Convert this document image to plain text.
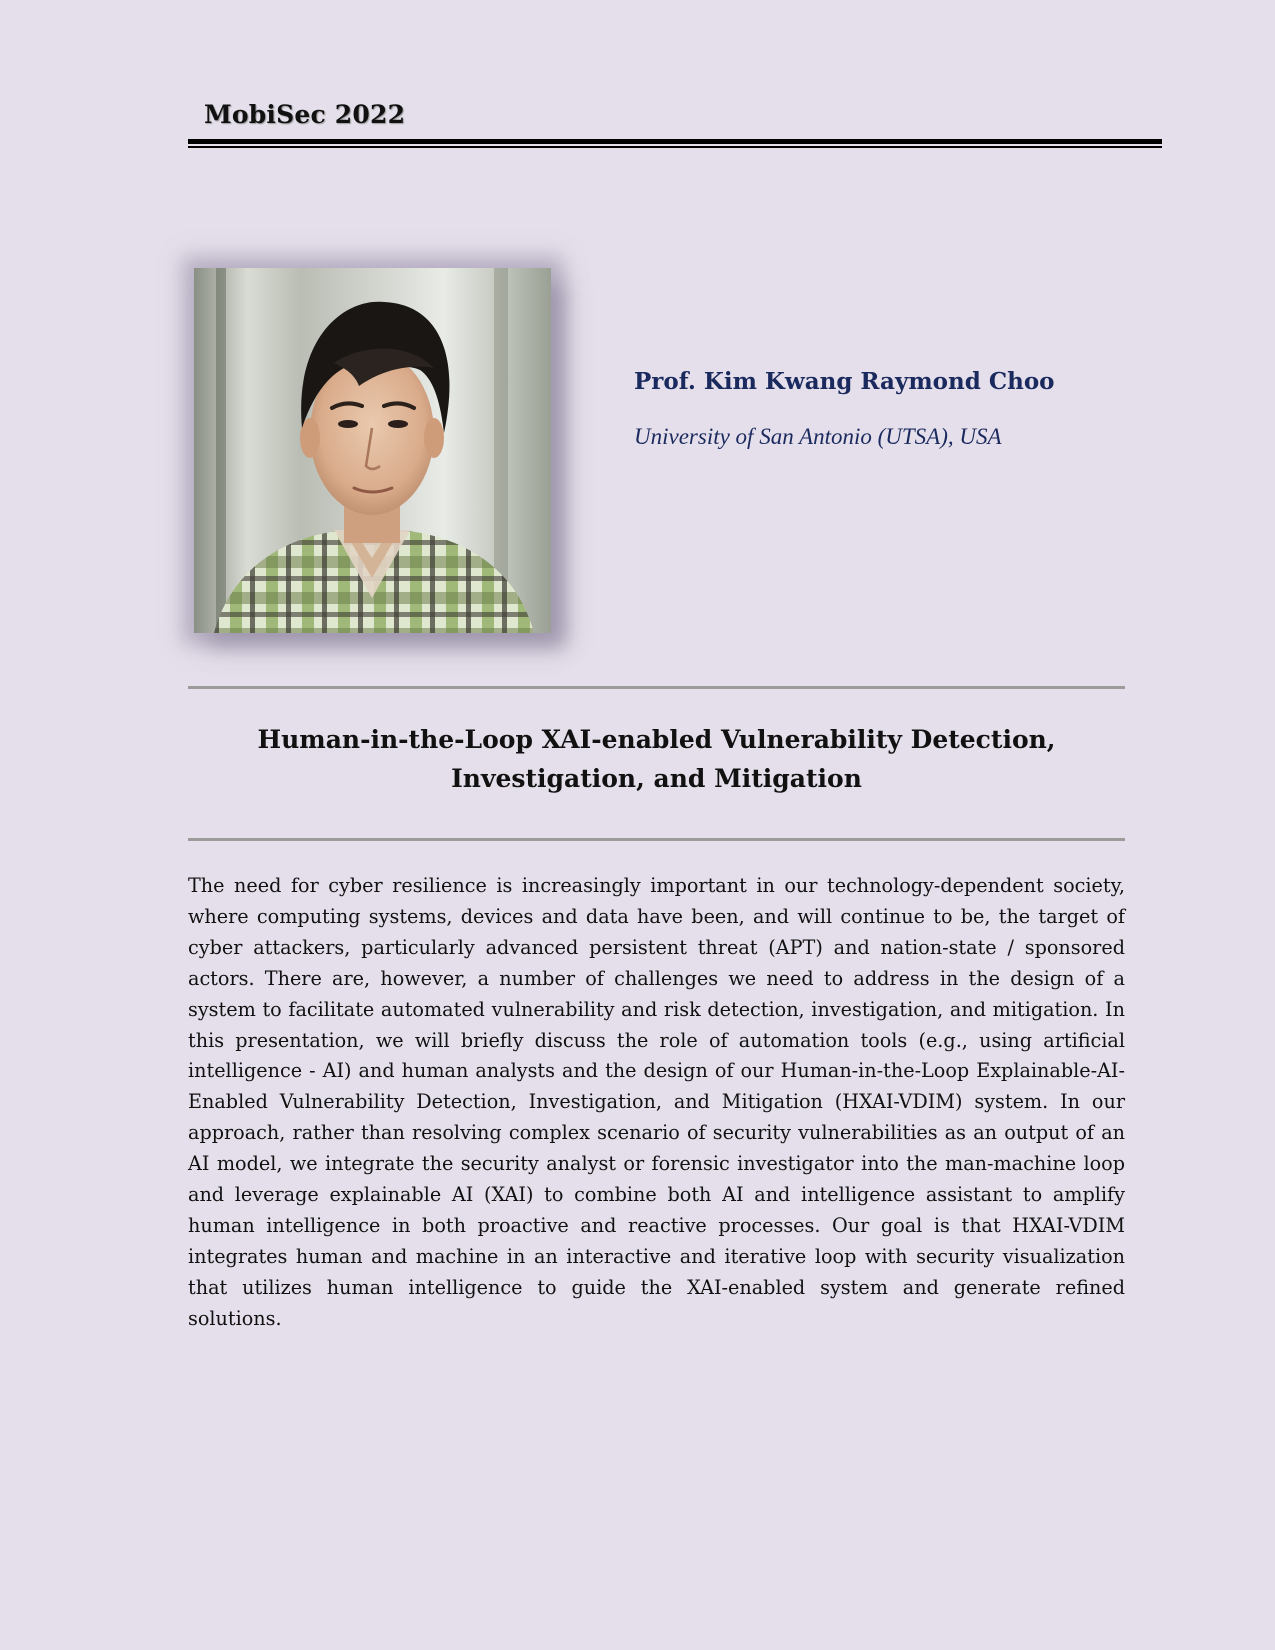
MobiSec 2022
Prof. Kim Kwang Raymond Choo
University of San Antonio (UTSA), USA
Human-in-the-Loop XAI-enabled Vulnerability Detection,
Investigation, and Mitigation

The need for cyber resilience is increasingly important in our technology-dependent society, where computing systems, devices and data have been, and will continue to be, the target of cyber attackers, particularly advanced persistent threat (APT) and nation-state / sponsored actors. There are, however, a number of challenges we need to address in the design of a system to facilitate automated vulnerability and risk detection, investigation, and mitigation. In this presentation, we will briefly discuss the role of automation tools (e.g., using artificial intelligence - AI) and human analysts and the design of our Human-in-the-Loop Explainable-AI-Enabled Vulnerability Detection, Investigation, and Mitigation (HXAI-VDIM) system. In our approach, rather than resolving complex scenario of security vulnerabilities as an output of an AI model, we integrate the security analyst or forensic investigator into the man-machine loop and leverage explainable AI (XAI) to combine both AI and intelligence assistant to amplify human intelligence in both proactive and reactive processes. Our goal is that HXAI-VDIM integrates human and machine in an interactive and iterative loop with security visualization that utilizes human intelligence to guide the XAI-enabled system and generate refined solutions.
